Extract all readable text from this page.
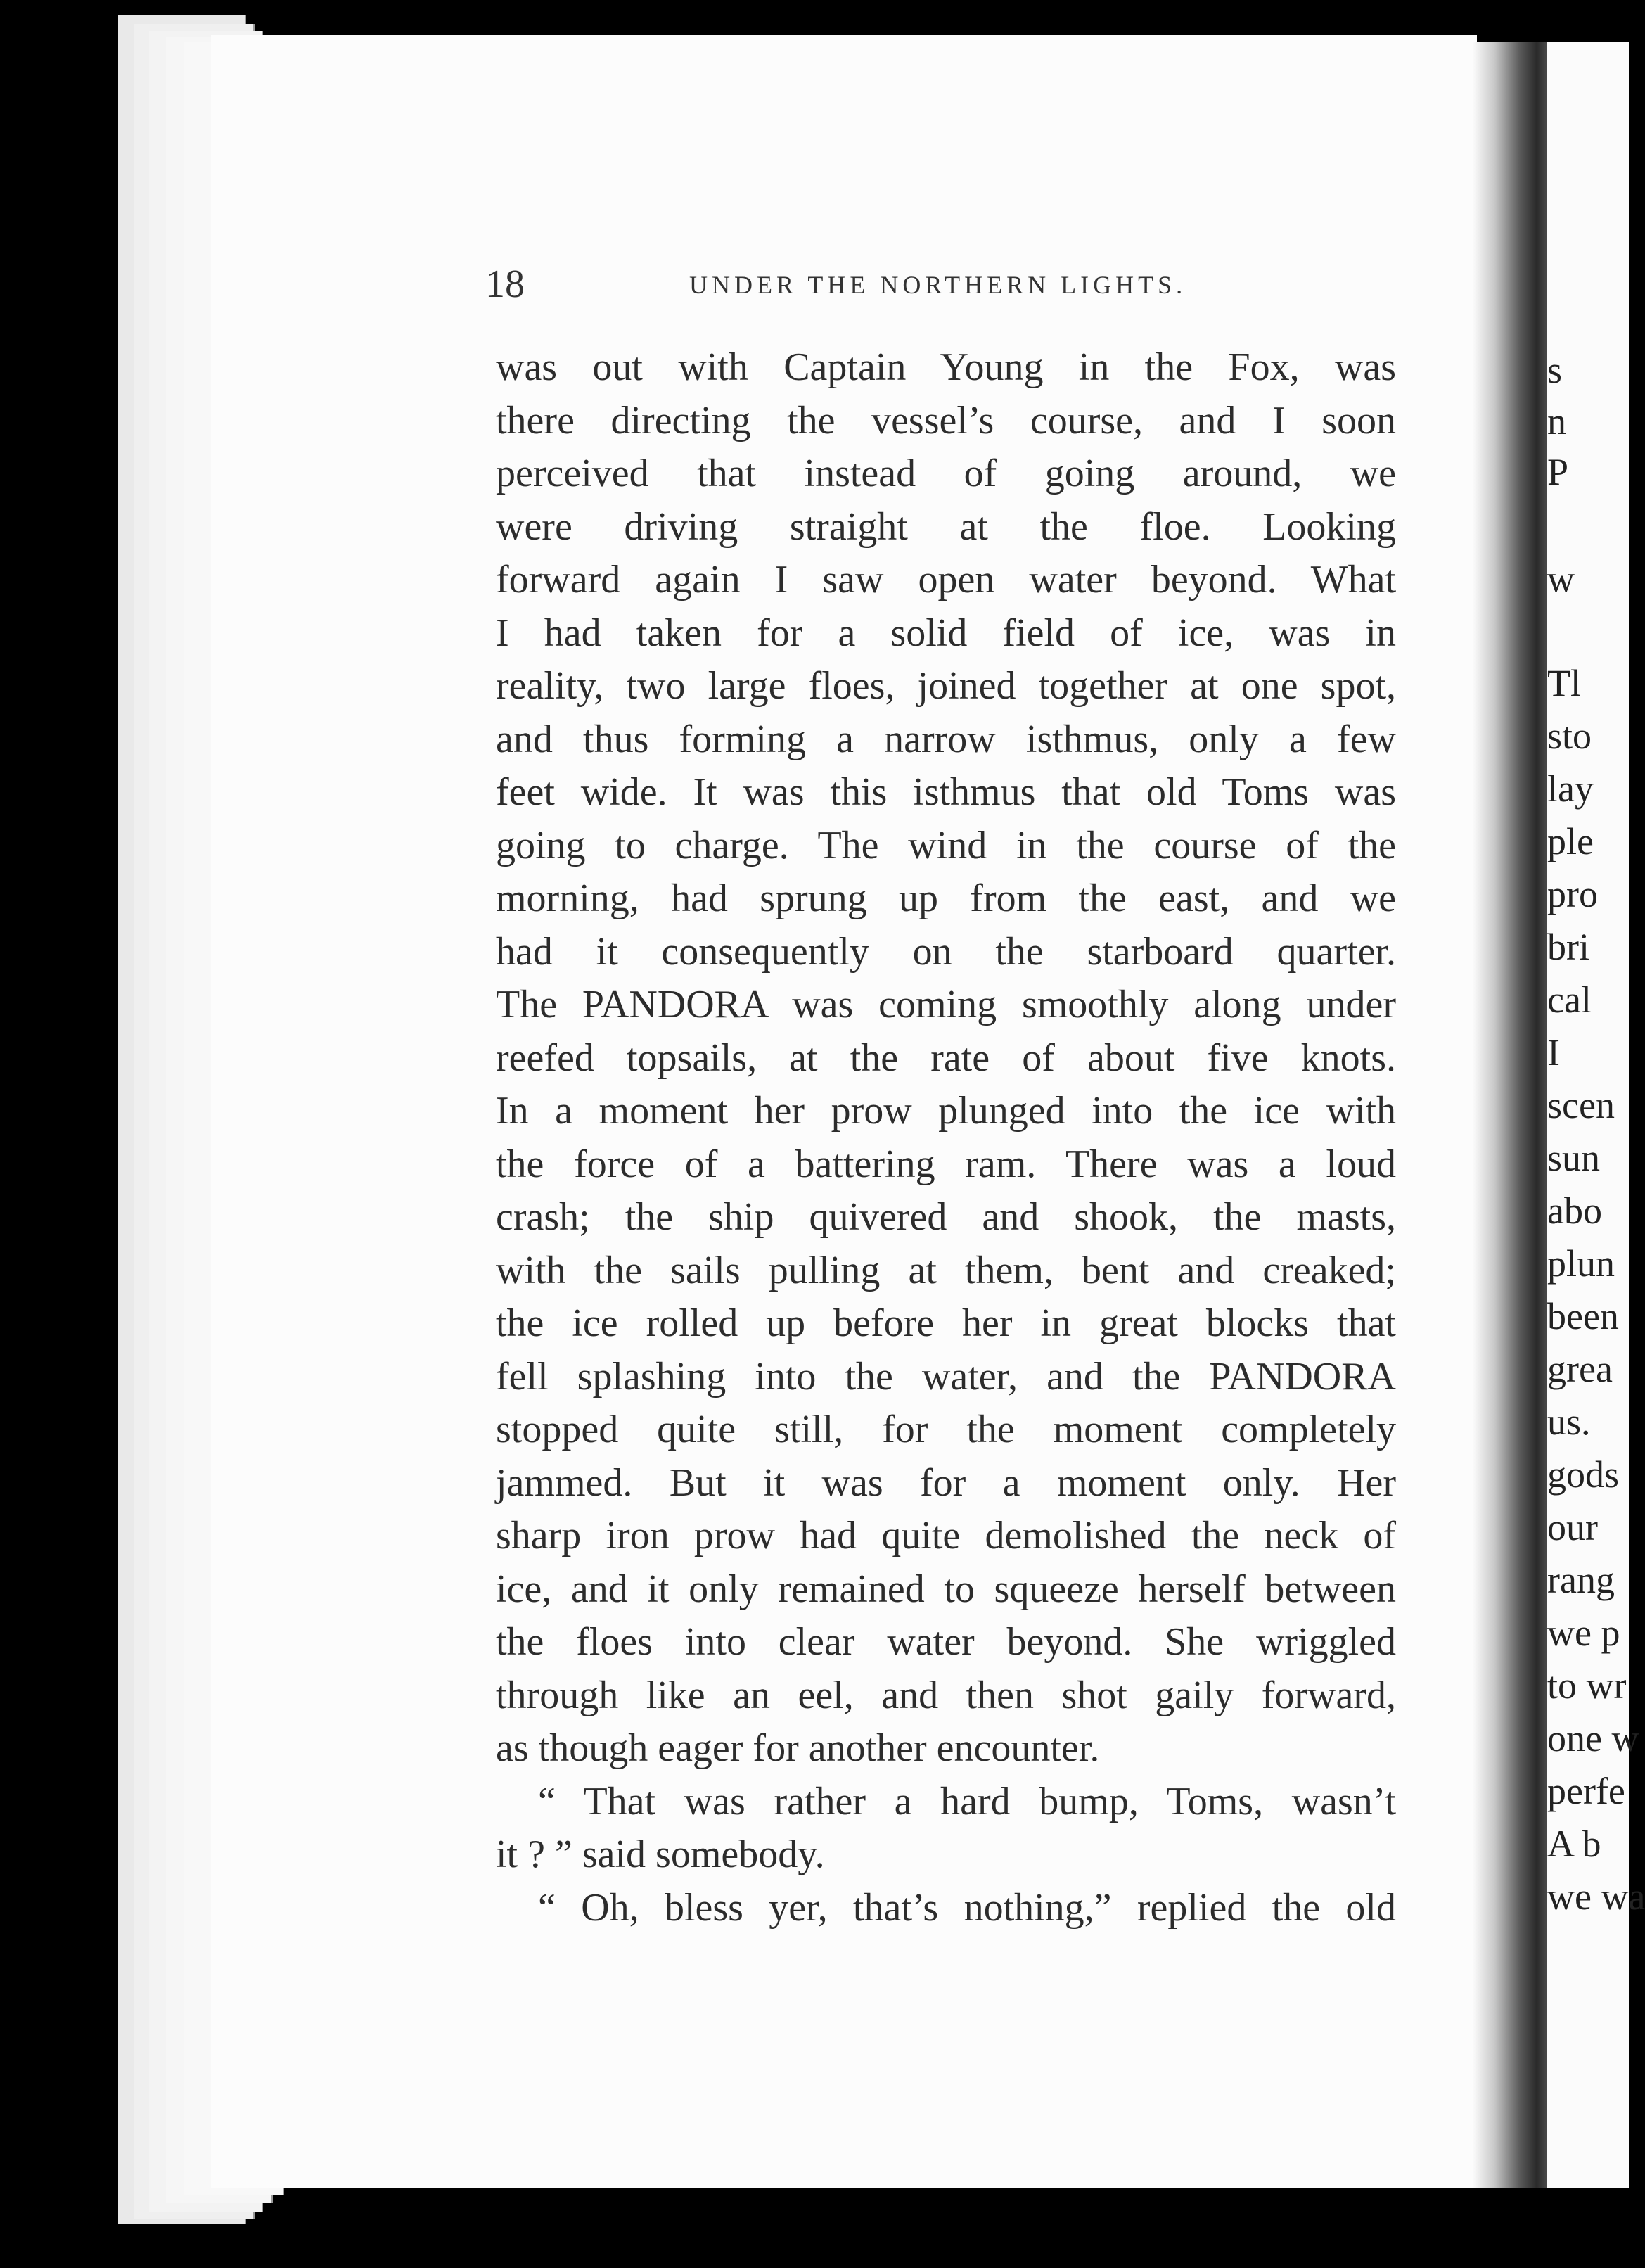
s
n
P
w
Tl
sto
lay
ple
pro
bri
cal
I
scen
sun
abo
plun
been
grea
us.
gods
our
rang
we p
to wr
one w
perfe
A b
we wa
18	UNDER THE NORTHERN LIGHTS.
was out with Captain Young in the Fox, was
there directing the vessel’s course, and I soon
perceived that instead of going around, we
were driving straight at the floe. Looking
forward again I saw open water beyond. What
I had taken for a solid field of ice, was in
reality, two large floes, joined together at one spot,
and thus forming a narrow isthmus, only a few
feet wide. It was this isthmus that old Toms was
going to charge. The wind in the course of the
morning, had sprung up from the east, and we
had it consequently on the starboard quarter.
The PANDORA was coming smoothly along under
reefed topsails, at the rate of about five knots.
In a moment her prow plunged into the ice with
the force of a battering ram. There was a loud
crash; the ship quivered and shook, the masts,
with the sails pulling at them, bent and creaked;
the ice rolled up before her in great blocks that
fell splashing into the water, and the PANDORA
stopped quite still, for the moment completely
jammed. But it was for a moment only. Her
sharp iron prow had quite demolished the neck of
ice, and it only remained to squeeze herself between
the floes into clear water beyond. She wriggled
through like an eel, and then shot gaily forward,
as though eager for another encounter.
“ That was rather a hard bump, Toms, wasn’t
it ? ” said somebody.
“ Oh, bless yer, that’s nothing,” replied the old
